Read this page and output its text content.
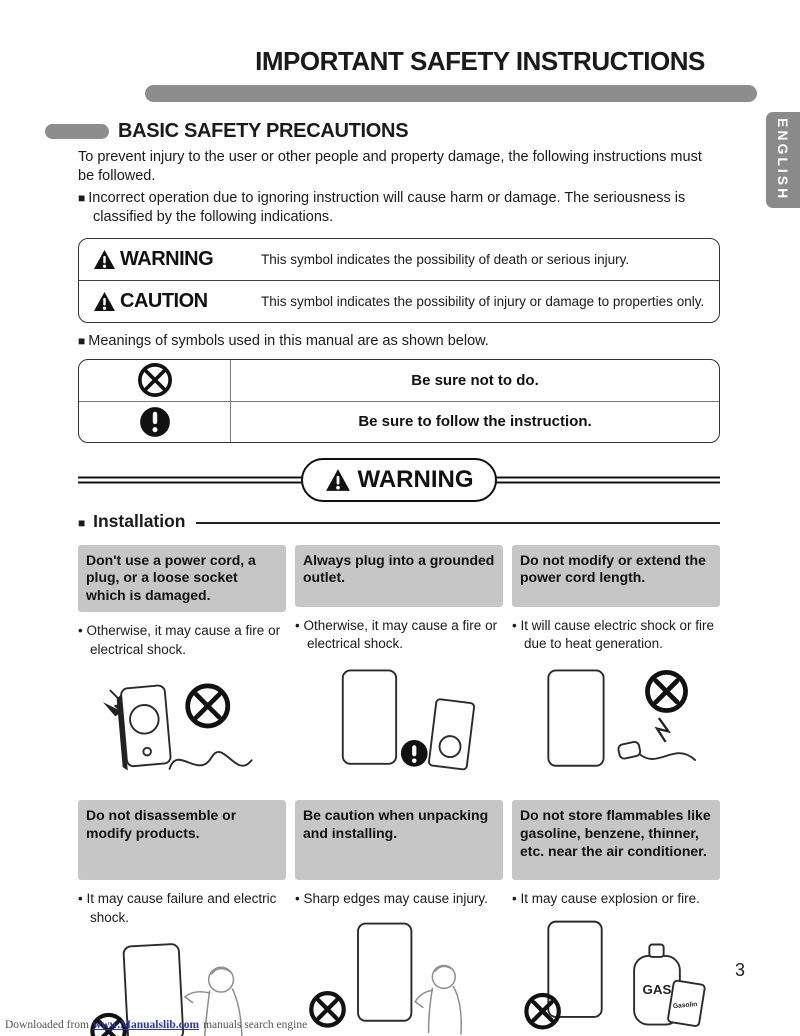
IMPORTANT SAFETY INSTRUCTIONS
ENGLISH
BASIC SAFETY PRECAUTIONS

To prevent injury to the user or other people and property damage, the following instructions must be followed.

■ Incorrect operation due to ignoring instruction will cause harm or damage. The seriousness is classified by the following indications.

WARNING	This symbol indicates the possibility of death or serious injury.
CAUTION	This symbol indicates the possibility of injury or damage to properties only.

■ Meanings of symbols used in this manual are as shown below.

Be sure not to do.
Be sure to follow the instruction.
WARNING
■ Installation
Don't use a power cord, a plug, or a loose socket which is damaged.
• Otherwise, it may cause a fire or electrical shock.
Always plug into a grounded outlet.
• Otherwise, it may cause a fire or electrical shock.
Do not modify or extend the power cord length.
• It will cause electric shock or fire due to heat generation.
Do not disassemble or modify products.
• It may cause failure and electric shock.
Be caution when unpacking and installing.
• Sharp edges may cause injury.
Do not store flammables like gasoline, benzene, thinner, etc. near the air conditioner.
• It may cause explosion or fire.
GAS
Gasolin
3
Downloaded from www.Manualslib.com manuals search engine
